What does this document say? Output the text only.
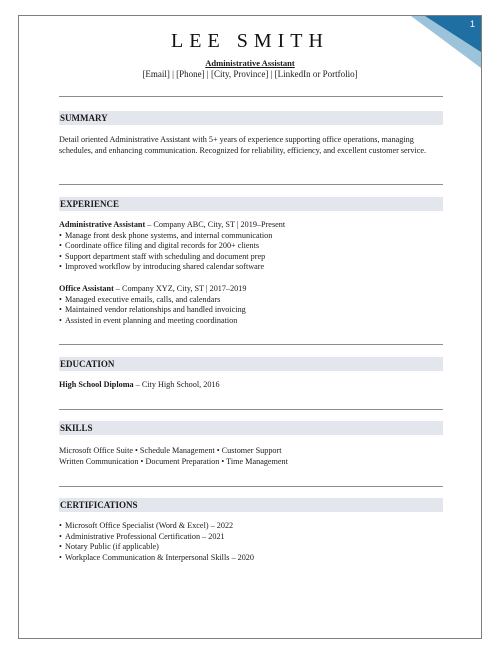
1
LEE SMITH
Administrative Assistant
[Email] | [Phone] | [City, Province] | [LinkedIn or Portfolio]
SUMMARY
Detail oriented Administrative Assistant with 5+ years of experience supporting office operations, managing schedules, and enhancing communication. Recognized for reliability, efficiency, and excellent customer service.
EXPERIENCE
Administrative Assistant – Company ABC, City, ST | 2019–Present
• Manage front desk phone systems, and internal communication
• Coordinate office filing and digital records for 200+ clients
• Support department staff with scheduling and document prep
• Improved workflow by introducing shared calendar software
Office Assistant – Company XYZ, City, ST | 2017–2019
• Managed executive emails, calls, and calendars
• Maintained vendor relationships and handled invoicing
• Assisted in event planning and meeting coordination
EDUCATION
High School Diploma – City High School, 2016
SKILLS
Microsoft Office Suite • Schedule Management • Customer Support
Written Communication • Document Preparation • Time Management
CERTIFICATIONS
• Microsoft Office Specialist (Word & Excel) – 2022
• Administrative Professional Certification – 2021
• Notary Public (if applicable)
• Workplace Communication & Interpersonal Skills – 2020
